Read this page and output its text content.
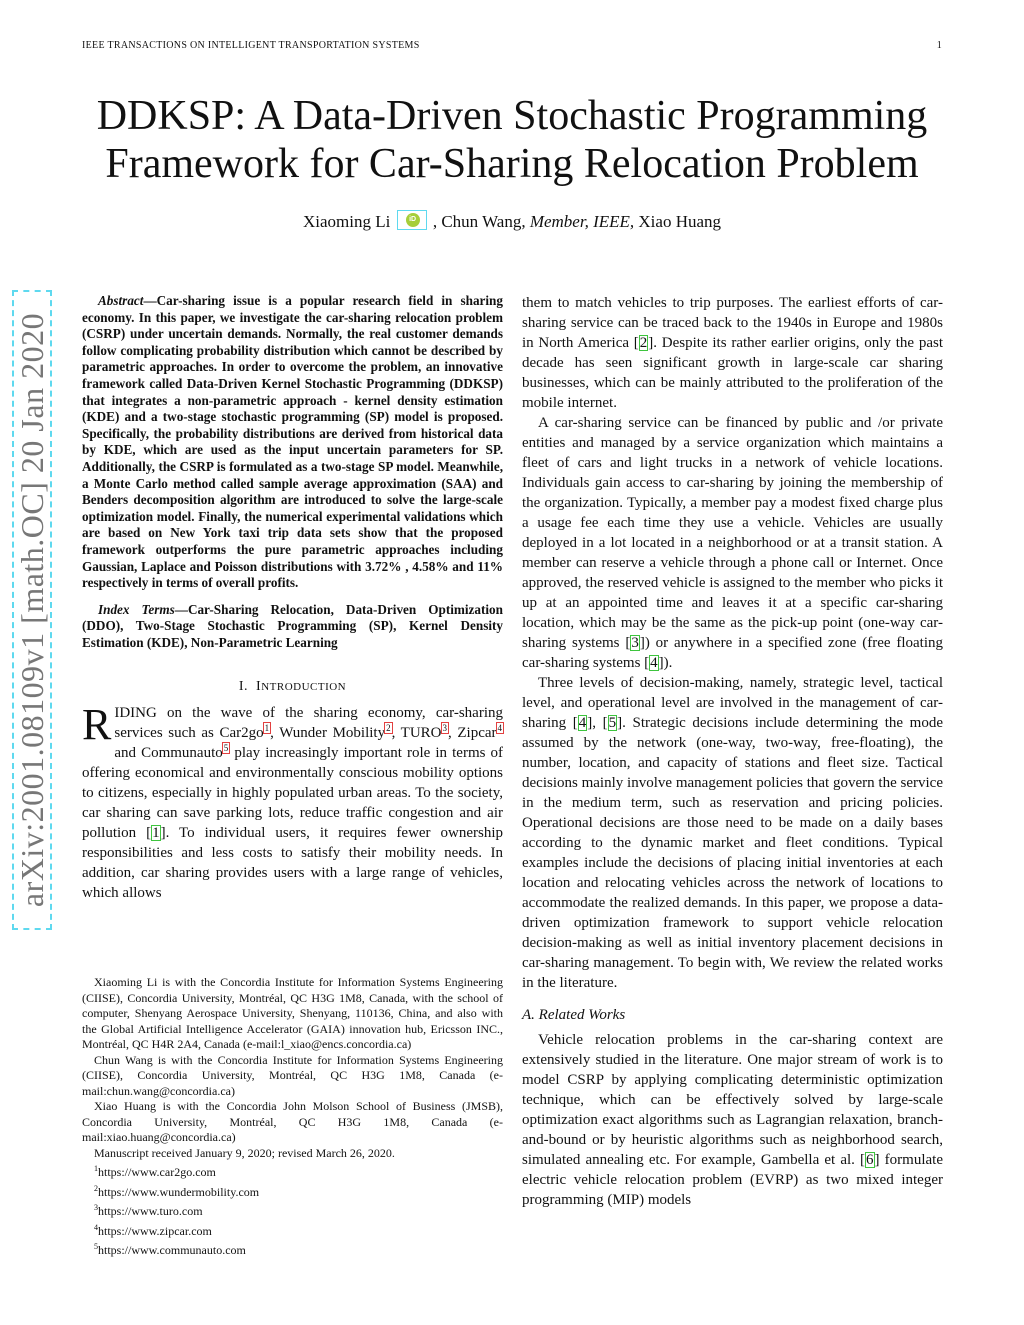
IEEE TRANSACTIONS ON INTELLIGENT TRANSPORTATION SYSTEMS	1
DDKSP: A Data-Driven Stochastic Programming
Framework for Car-Sharing Relocation Problem
Xiaoming Li	iD , Chun Wang, Member, IEEE, Xiao Huang
arXiv:2001.08109v1 [math.OC] 20 Jan 2020

Abstract—Car-sharing issue is a popular research field in sharing economy. In this paper, we investigate the car-sharing relocation problem (CSRP) under uncertain demands. Normally, the real customer demands follow complicating probability distribution which cannot be described by parametric approaches. In order to overcome the problem, an innovative framework called Data-Driven Kernel Stochastic Programming (DDKSP) that integrates a non-parametric approach - kernel density estimation (KDE) and a two-stage stochastic programming (SP) model is proposed. Specifically, the probability distributions are derived from historical data by KDE, which are used as the input uncertain parameters for SP. Additionally, the CSRP is formulated as a two-stage SP model. Meanwhile, a Monte Carlo method called sample average approximation (SAA) and Benders decomposition algorithm are introduced to solve the large-scale optimization model. Finally, the numerical experimental validations which are based on New York taxi trip data sets show that the proposed framework outperforms the pure parametric approaches including Gaussian, Laplace and Poisson distributions with 3.72% , 4.58% and 11% respectively in terms of overall profits.

Index Terms—Car-Sharing Relocation, Data-Driven Optimization (DDO), Two-Stage Stochastic Programming (SP), Kernel Density Estimation (KDE), Non-Parametric Learning

I. INTRODUCTION

RIDING on the wave of the sharing economy, car-sharing services such as Car2go$^1$, Wunder Mobility$^2$, TURO$^3$, Zipcar$^4$ and Communauto$^5$ play increasingly important role in terms of offering economical and environmentally conscious mobility options to citizens, especially in highly populated urban areas. To the society, car sharing can save parking lots, reduce traffic congestion and air pollution [1]. To individual users, it requires fewer ownership responsibilities and less costs to satisfy their mobility needs. In addition, car sharing provides users with a large range of vehicles, which allows

Xiaoming Li is with the Concordia Institute for Information Systems Engineering (CIISE), Concordia University, Montréal, QC H3G 1M8, Canada, with the school of computer, Shenyang Aerospace University, Shenyang, 110136, China, and also with the Global Artificial Intelligence Accelerator (GAIA) innovation hub, Ericsson INC., Montréal, QC H4R 2A4, Canada (e-mail:l_xiao@encs.concordia.ca)

Chun Wang is with the Concordia Institute for Information Systems Engineering (CIISE), Concordia University, Montréal, QC H3G 1M8, Canada (e-mail:chun.wang@concordia.ca)

Xiao Huang is with the Concordia John Molson School of Business (JMSB), Concordia University, Montréal, QC H3G 1M8, Canada (e-mail:xiao.huang@concordia.ca)

Manuscript received January 9, 2020; revised March 26, 2020.

$^1$https://www.car2go.com

$^2$https://www.wundermobility.com

$^3$https://www.turo.com

$^4$https://www.zipcar.com

$^5$https://www.communauto.com

them to match vehicles to trip purposes. The earliest efforts of car-sharing service can be traced back to the 1940s in Europe and 1980s in North America [2]. Despite its rather earlier origins, only the past decade has seen significant growth in large-scale car sharing businesses, which can be mainly attributed to the proliferation of the mobile internet.

A car-sharing service can be financed by public and /or private entities and managed by a service organization which maintains a fleet of cars and light trucks in a network of vehicle locations. Individuals gain access to car-sharing by joining the membership of the organization. Typically, a member pay a modest fixed charge plus a usage fee each time they use a vehicle. Vehicles are usually deployed in a lot located in a neighborhood or at a transit station. A member can reserve a vehicle through a phone call or Internet. Once approved, the reserved vehicle is assigned to the member who picks it up at an appointed time and leaves it at a specific car-sharing location, which may be the same as the pick-up point (one-way car-sharing systems [3]) or anywhere in a specified zone (free floating car-sharing systems [4]).

Three levels of decision-making, namely, strategic level, tactical level, and operational level are involved in the management of car-sharing [4], [5]. Strategic decisions include determining the mode assumed by the network (one-way, two-way, free-floating), the number, location, and capacity of stations and fleet size. Tactical decisions mainly involve management policies that govern the service in the medium term, such as reservation and pricing policies. Operational decisions are those need to be made on a daily bases according to the dynamic market and fleet conditions. Typical examples include the decisions of placing initial inventories at each location and relocating vehicles across the network of locations to accommodate the realized demands. In this paper, we propose a data-driven optimization framework to support vehicle relocation decision-making as well as initial inventory placement decisions in car-sharing management. To begin with, We review the related works in the literature.

A. Related Works

Vehicle relocation problems in the car-sharing context are extensively studied in the literature. One major stream of work is to model CSRP by applying complicating deterministic optimization technique, which can be effectively solved by large-scale optimization exact algorithms such as Lagrangian relaxation, branch-and-bound or by heuristic algorithms such as neighborhood search, simulated annealing etc. For example, Gambella et al. [6] formulate electric vehicle relocation problem (EVRP) as two mixed integer programming (MIP) models
